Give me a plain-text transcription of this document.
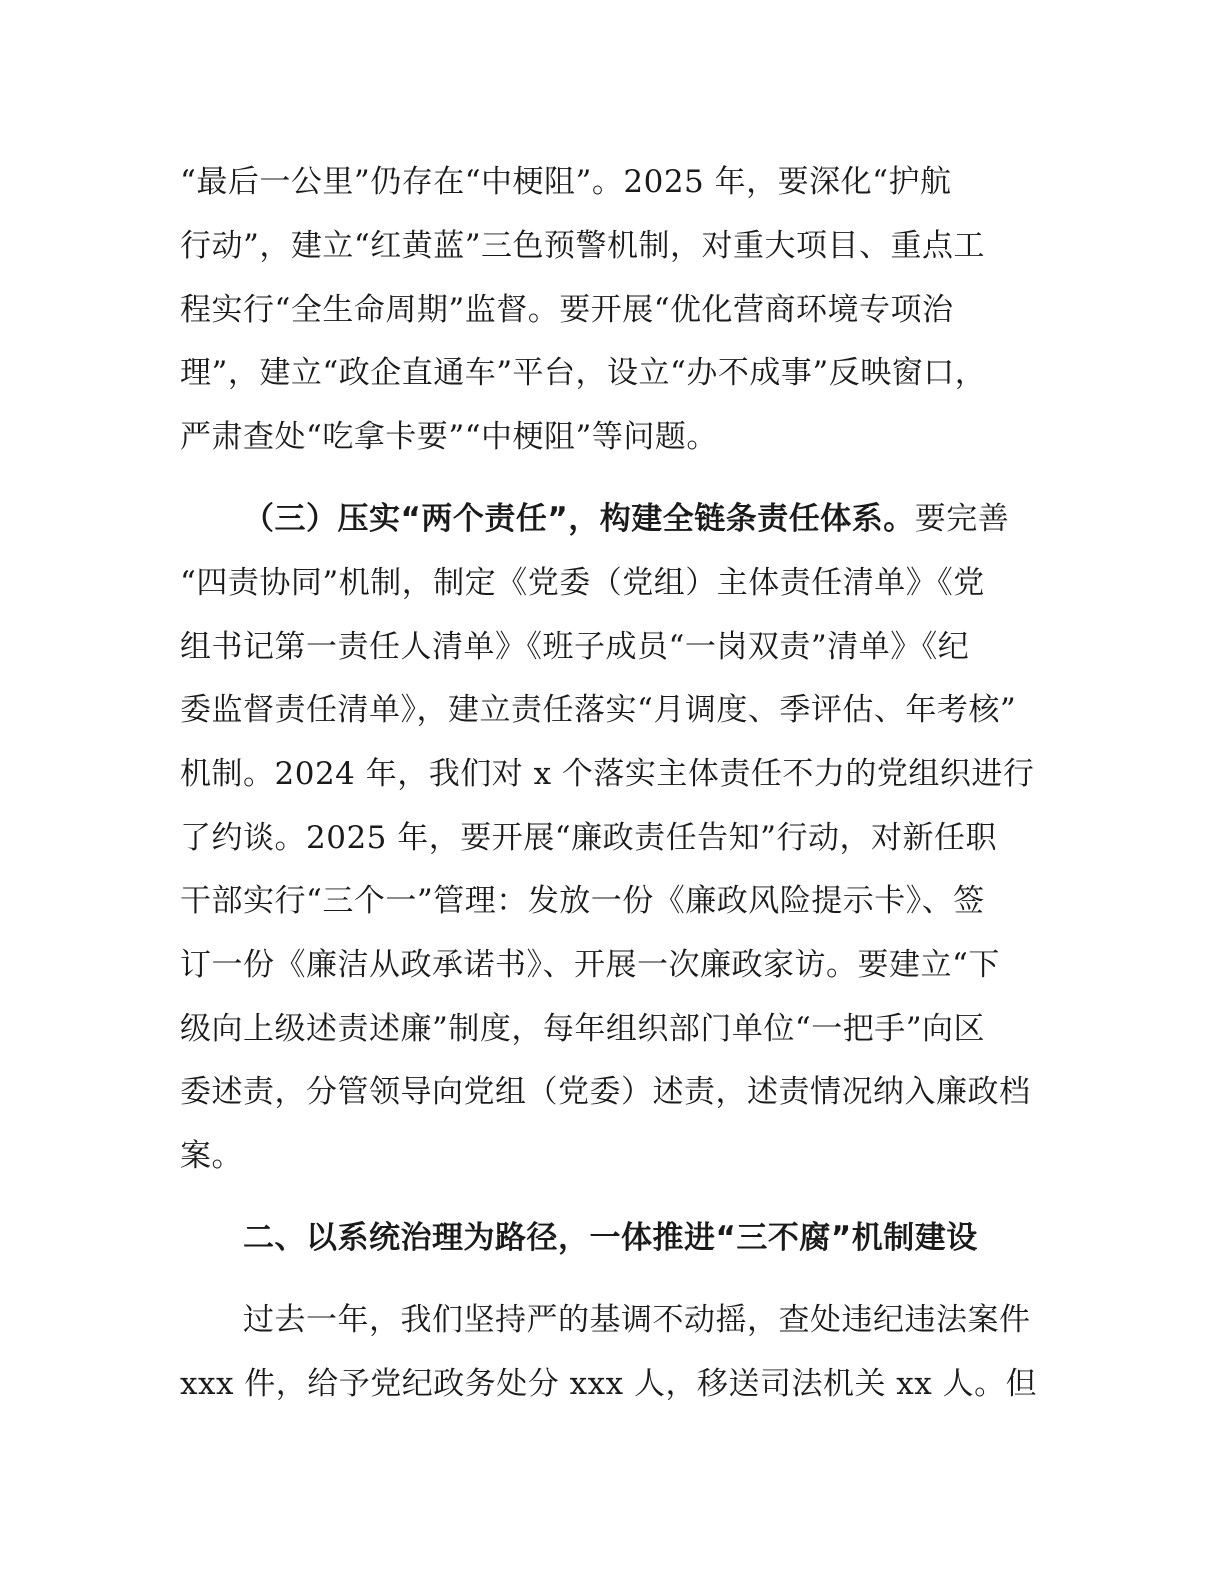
“最后一公里”仍存在“中梗阻”。2025 年，要深化“护航
行动”，建立“红黄蓝”三色预警机制，对重大项目、重点工
程实行“全生命周期”监督。要开展“优化营商环境专项治
理”，建立“政企直通车”平台，设立“办不成事”反映窗口，
严肃查处“吃拿卡要”“中梗阻”等问题。
（三）压实“两个责任”，构建全链条责任体系。要完善
“四责协同”机制，制定《党委（党组）主体责任清单》《党
组书记第一责任人清单》《班子成员“一岗双责”清单》《纪
委监督责任清单》，建立责任落实“月调度、季评估、年考核”
机制。2024 年，我们对 x 个落实主体责任不力的党组织进行
了约谈。2025 年，要开展“廉政责任告知”行动，对新任职
干部实行“三个一”管理：发放一份《廉政风险提示卡》、签
订一份《廉洁从政承诺书》、开展一次廉政家访。要建立“下
级向上级述责述廉”制度，每年组织部门单位“一把手”向区
委述责，分管领导向党组（党委）述责，述责情况纳入廉政档
案。
二、以系统治理为路径，一体推进“三不腐”机制建设
过去一年，我们坚持严的基调不动摇，查处违纪违法案件
xxx 件，给予党纪政务处分 xxx 人，移送司法机关 xx 人。但
